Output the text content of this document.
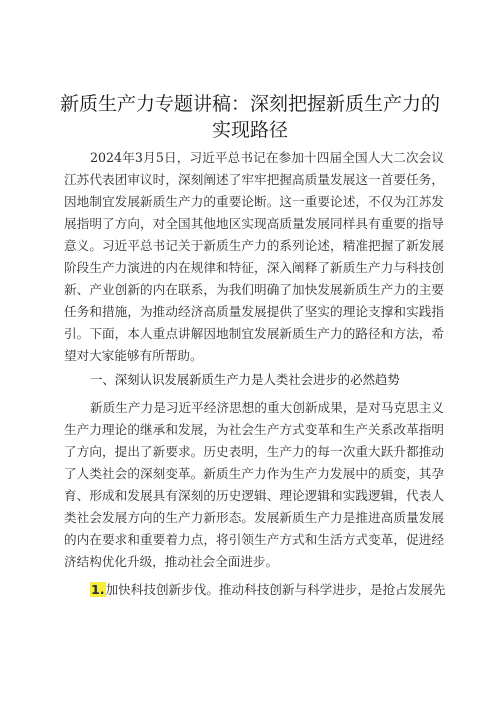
新质生产力专题讲稿：深刻把握新质生产力的
实现路径
2024年3月5日，习近平总书记在参加十四届全国人大二次会议
江苏代表团审议时，深刻阐述了牢牢把握高质量发展这一首要任务，
因地制宜发展新质生产力的重要论断。这一重要论述，不仅为江苏发
展指明了方向，对全国其他地区实现高质量发展同样具有重要的指导
意义。习近平总书记关于新质生产力的系列论述，精准把握了新发展
阶段生产力演进的内在规律和特征，深入阐释了新质生产力与科技创
新、产业创新的内在联系，为我们明确了加快发展新质生产力的主要
任务和措施，为推动经济高质量发展提供了坚实的理论支撑和实践指
引。下面，本人重点讲解因地制宜发展新质生产力的路径和方法，希
望对大家能够有所帮助。
一、深刻认识发展新质生产力是人类社会进步的必然趋势
新质生产力是习近平经济思想的重大创新成果，是对马克思主义
生产力理论的继承和发展，为社会生产方式变革和生产关系改革指明
了方向，提出了新要求。历史表明，生产力的每一次重大跃升都推动
了人类社会的深刻变革。新质生产力作为生产力发展中的质变，其孕
育、形成和发展具有深刻的历史逻辑、理论逻辑和实践逻辑，代表人
类社会发展方向的生产力新形态。发展新质生产力是推进高质量发展
的内在要求和重要着力点，将引领生产方式和生活方式变革，促进经
济结构优化升级，推动社会全面进步。
1.加快科技创新步伐。推动科技创新与科学进步，是抢占发展先
